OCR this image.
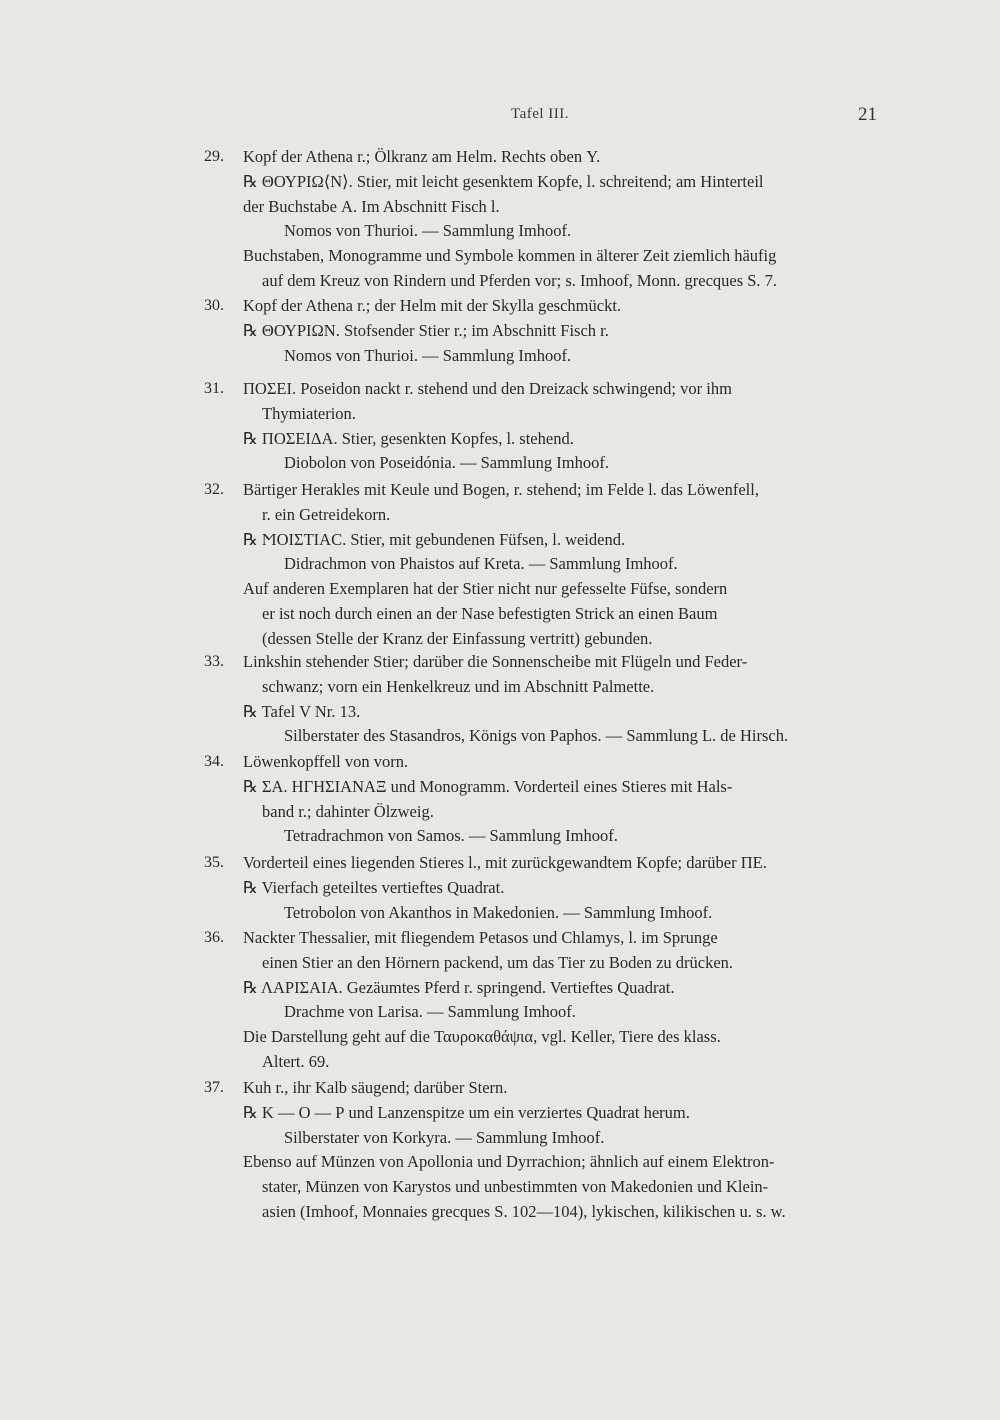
Tafel III.	21
29.	Kopf der Athena r.; Ölkranz am Helm. Rechts oben Υ.
℞ ΘΟΥΡΙΩ⟨Ν⟩. Stier, mit leicht gesenktem Kopfe, l. schreitend; am Hinterteil
der Buchstabe Α. Im Abschnitt Fisch l.
Nomos von Thurioi. — Sammlung Imhoof.
Buchstaben, Monogramme und Symbole kommen in älterer Zeit ziemlich häufig
auf dem Kreuz von Rindern und Pferden vor; s. Imhoof, Monn. grecques S. 7.
30.	Kopf der Athena r.; der Helm mit der Skylla geschmückt.
℞ ΘΟΥΡΙΩΝ. Stofsender Stier r.; im Abschnitt Fisch r.
Nomos von Thurioi. — Sammlung Imhoof.
31.	ΠΟΣΕΙ. Poseidon nackt r. stehend und den Dreizack schwingend; vor ihm
Thymiaterion.
℞ ΠΟΣΕΙΔΑ. Stier, gesenkten Kopfes, l. stehend.
Diobolon von Poseidónia. — Sammlung Imhoof.
32.	Bärtiger Herakles mit Keule und Bogen, r. stehend; im Felde l. das Löwenfell,
r. ein Getreidekorn.
℞ ϺΟΙΣΤΙΑϹ. Stier, mit gebundenen Füfsen, l. weidend.
Didrachmon von Phaistos auf Kreta. — Sammlung Imhoof.
Auf anderen Exemplaren hat der Stier nicht nur gefesselte Füfse, sondern
er ist noch durch einen an der Nase befestigten Strick an einen Baum
(dessen Stelle der Kranz der Einfassung vertritt) gebunden.
33.	Linkshin stehender Stier; darüber die Sonnenscheibe mit Flügeln und Feder-
schwanz; vorn ein Henkelkreuz und im Abschnitt Palmette.
℞ Tafel V Nr. 13.
Silberstater des Stasandros, Königs von Paphos. — Sammlung L. de Hirsch.
34.	Löwenkopffell von vorn.
℞ ΣΑ. ΗΓΗΣΙΑΝΑΞ und Monogramm. Vorderteil eines Stieres mit Hals-
band r.; dahinter Ölzweig.
Tetradrachmon von Samos. — Sammlung Imhoof.
35.	Vorderteil eines liegenden Stieres l., mit zurückgewandtem Kopfe; darüber ΠΕ.
℞ Vierfach geteiltes vertieftes Quadrat.
Tetrobolon von Akanthos in Makedonien. — Sammlung Imhoof.
36.	Nackter Thessalier, mit fliegendem Petasos und Chlamys, l. im Sprunge
einen Stier an den Hörnern packend, um das Tier zu Boden zu drücken.
℞ ΛΑΡΙΣΑΙΑ. Gezäumtes Pferd r. springend. Vertieftes Quadrat.
Drachme von Larisa. — Sammlung Imhoof.
Die Darstellung geht auf die Ταυροκαθάψια, vgl. Keller, Tiere des klass.
Altert. 69.
37.	Kuh r., ihr Kalb säugend; darüber Stern.
℞ Κ — Ο — Ρ und Lanzenspitze um ein verziertes Quadrat herum.
Silberstater von Korkyra. — Sammlung Imhoof.
Ebenso auf Münzen von Apollonia und Dyrrachion; ähnlich auf einem Elektron-
stater, Münzen von Karystos und unbestimmten von Makedonien und Klein-
asien (Imhoof, Monnaies grecques S. 102—104), lykischen, kilikischen u. s. w.
